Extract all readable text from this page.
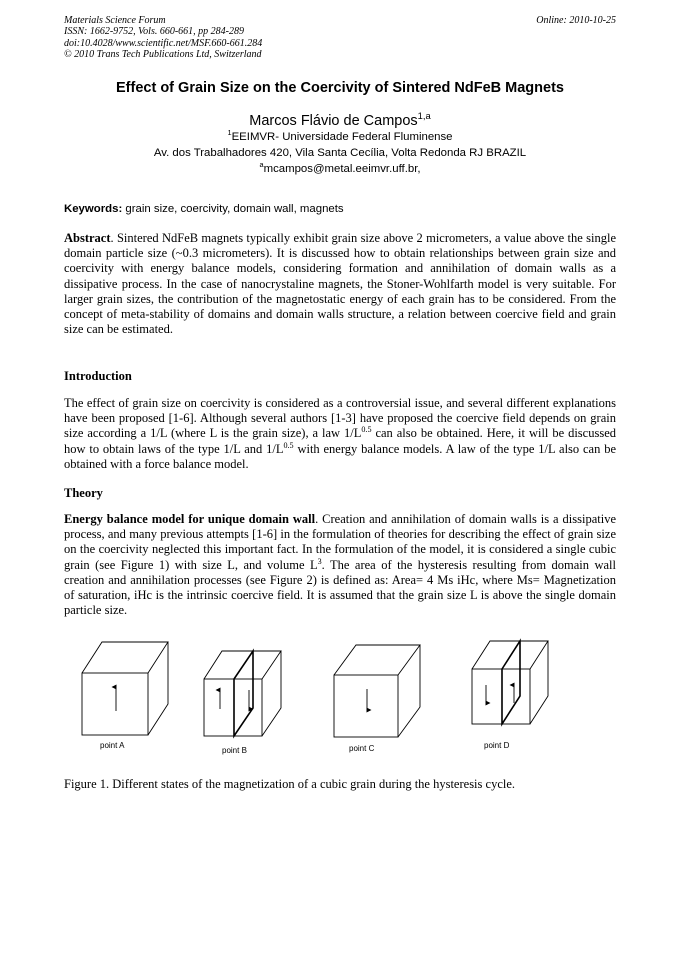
Materials Science Forum
ISSN: 1662-9752, Vols. 660-661, pp 284-289
doi:10.4028/www.scientific.net/MSF.660-661.284
© 2010 Trans Tech Publications Ltd, Switzerland
Online: 2010-10-25
Effect of Grain Size on the Coercivity of Sintered NdFeB Magnets
Marcos Flávio de Campos$^{1,a}$
$^1$EEIMVR- Universidade Federal Fluminense
Av. dos Trabalhadores 420, Vila Santa Cecília, Volta Redonda RJ BRAZIL
$^a$mcampos@metal.eeimvr.uff.br,
Keywords: grain size, coercivity, domain wall, magnets
Abstract. Sintered NdFeB magnets typically exhibit grain size above 2 micrometers, a value above the single domain particle size (~0.3 micrometers). It is discussed how to obtain relationships between grain size and coercivity with energy balance models, considering formation and annihilation of domain walls as a dissipative process. In the case of nanocrystaline magnets, the Stoner-Wohlfarth model is very suitable. For larger grain sizes, the contribution of the magnetostatic energy of each grain has to be considered. From the concept of meta-stability of domains and domain walls structure, a relation between coercive field and grain size can be estimated.
Introduction
The effect of grain size on coercivity is considered as a controversial issue, and several different explanations have been proposed [1-6]. Although several authors [1-3] have proposed the coercive field depends on grain size according a 1/L (where L is the grain size), a law $1/L^{0.5}$ can also be obtained. Here, it will be discussed how to obtain laws of the type 1/L and $1/L^{0.5}$ with energy balance models. A law of the type 1/L also can be obtained with a force balance model.
Theory
Energy balance model for unique domain wall. Creation and annihilation of domain walls is a dissipative process, and many previous attempts [1-6] in the formulation of theories for describing the effect of grain size on the coercivity neglected this important fact. In the formulation of the model, it is considered a single cubic grain (see Figure 1) with size L, and volume $L^3$. The area of the hysteresis resulting from domain wall creation and annihilation processes (see Figure 2) is defined as: Area= 4 Ms iHc, where Ms= Magnetization of saturation, iHc is the intrinsic coercive field. It is assumed that the grain size L is above the single domain particle size.
point A
point B	point C	point D
Figure 1. Different states of the magnetization of a cubic grain during the hysteresis cycle.
